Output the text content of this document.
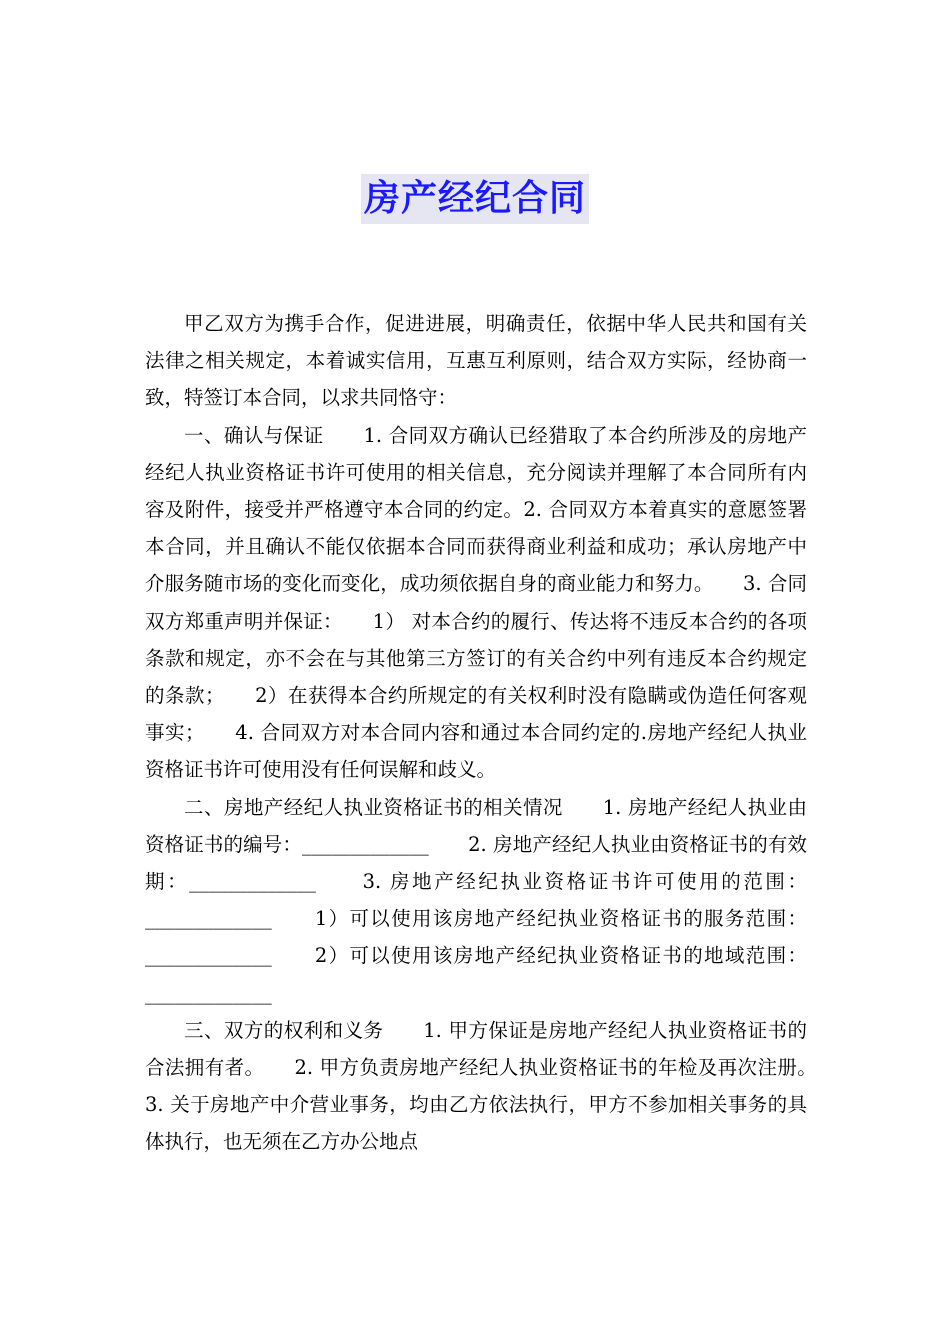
房产经纪合同

甲乙双方为携手合作，促进进展，明确责任，依据中华人民共和国有关法律之相关规定，本着诚实信用，互惠互利原则，结合双方实际，经协商一致，特签订本合同，以求共同恪守：

一、确认与保证　　1. 合同双方确认已经猎取了本合约所涉及的房地产经纪人执业资格证书许可使用的相关信息，充分阅读并理解了本合同所有内容及附件，接受并严格遵守本合同的约定。2. 合同双方本着真实的意愿签署本合同，并且确认不能仅依据本合同而获得商业利益和成功；承认房地产中介服务随市场的变化而变化，成功须依据自身的商业能力和努力。　　3. 合同双方郑重声明并保证：　　1） 对本合约的履行、传达将不违反本合约的各项条款和规定，亦不会在与其他第三方签订的有关合约中列有违反本合约规定的条款；　　2）在获得本合约所规定的有关权利时没有隐瞒或伪造任何客观事实；　　4. 合同双方对本合同内容和通过本合同约定的.房地产经纪人执业资格证书许可使用没有任何误解和歧义。

二、房地产经纪人执业资格证书的相关情况　　1. 房地产经纪人执业由资格证书的编号：_____________　　2. 房地产经纪人执业由资格证书的有效期：_____________　　3. 房地产经纪执业资格证书许可使用的范围：_____________　　1）可以使用该房地产经纪执业资格证书的服务范围：_____________　　2）可以使用该房地产经纪执业资格证书的地域范围：_____________

三、双方的权利和义务　　1. 甲方保证是房地产经纪人执业资格证书的合法拥有者。　　2. 甲方负责房地产经纪人执业资格证书的年检及再次注册。　　3. 关于房地产中介营业事务，均由乙方依法执行，甲方不参加相关事务的具体执行，也无须在乙方办公地点
